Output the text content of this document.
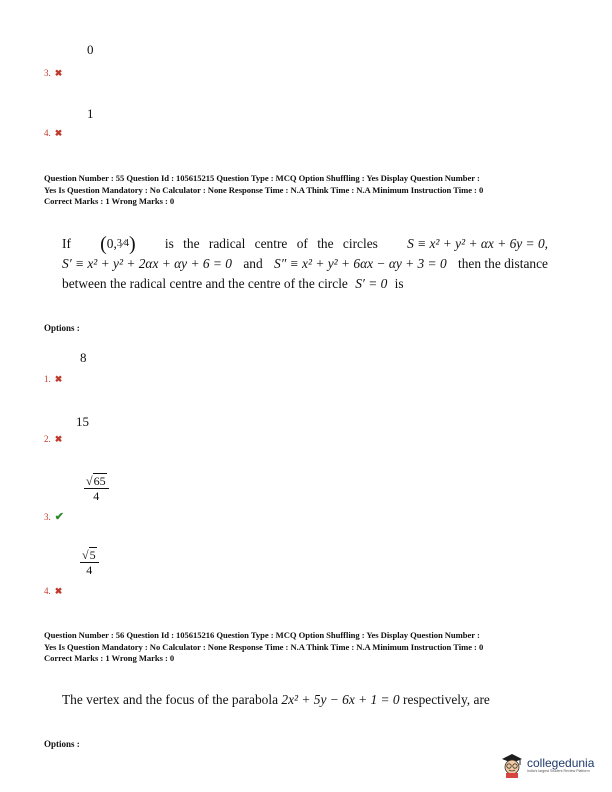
0
3. ✖
1
4. ✖
Question Number : 55 Question Id : 105615215 Question Type : MCQ Option Shuffling : Yes Display Question Number :
Yes Is Question Mandatory : No Calculator : None Response Time : N.A Think Time : N.A Minimum Instruction Time : 0
Correct Marks : 1 Wrong Marks : 0
If ( 0, 3 ⁄ 4 ) is the radical centre of the circles S ≡ x² + y² + αx + 6y = 0,
S′ ≡ x² + y² + 2αx + αy + 6 = 0 and S″ ≡ x² + y² + 6αx − αy + 3 = 0 then the distance
between the radical centre and the centre of the circle S′ = 0 is
Options :
8
1. ✖
15
2. ✖
$\frac{√65}{4}$
3. ✔
$\frac{√5}{4}$
4. ✖
Question Number : 56 Question Id : 105615216 Question Type : MCQ Option Shuffling : Yes Display Question Number :
Yes Is Question Mandatory : No Calculator : None Response Time : N.A Think Time : N.A Minimum Instruction Time : 0
Correct Marks : 1 Wrong Marks : 0
The vertex and the focus of the parabola 2x² + 5y − 6x + 1 = 0 respectively, are
Options :
collegedunia
India's largest Student Review Platform
